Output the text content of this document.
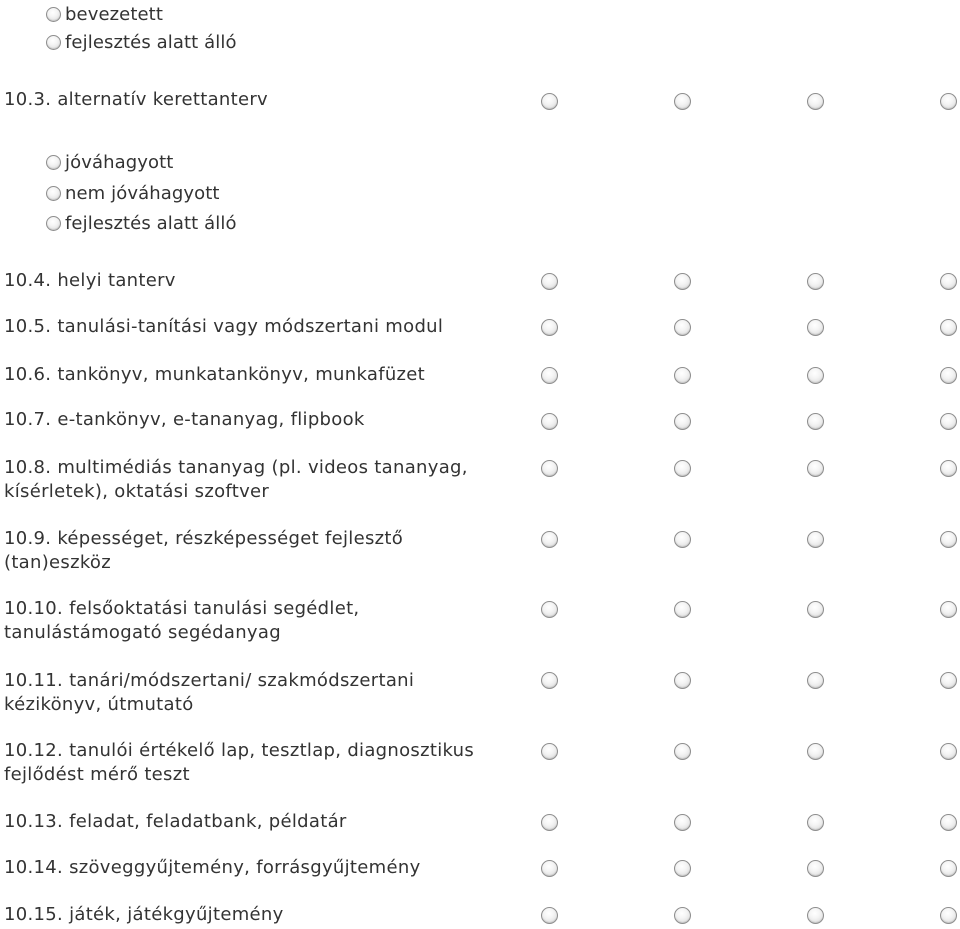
bevezetett
fejlesztés alatt álló
10.3. alternatív kerettanterv
jóváhagyott
nem jóváhagyott
fejlesztés alatt álló
10.4. helyi tanterv
10.5. tanulási-tanítási vagy módszertani modul
10.6. tankönyv, munkatankönyv, munkafüzet
10.7. e-tankönyv, e-tananyag, flipbook
10.8. multimédiás tananyag (pl. videos tananyag, kísérletek), oktatási szoftver
10.9. képességet, részképességet fejlesztő (tan)eszköz
10.10. felsőoktatási tanulási segédlet, tanulástámogató segédanyag
10.11. tanári/módszertani/ szakmódszertani kézikönyv, útmutató
10.12. tanulói értékelő lap, tesztlap, diagnosztikus fejlődést mérő teszt
10.13. feladat, feladatbank, példatár
10.14. szöveggyűjtemény, forrásgyűjtemény
10.15. játék, játékgyűjtemény
